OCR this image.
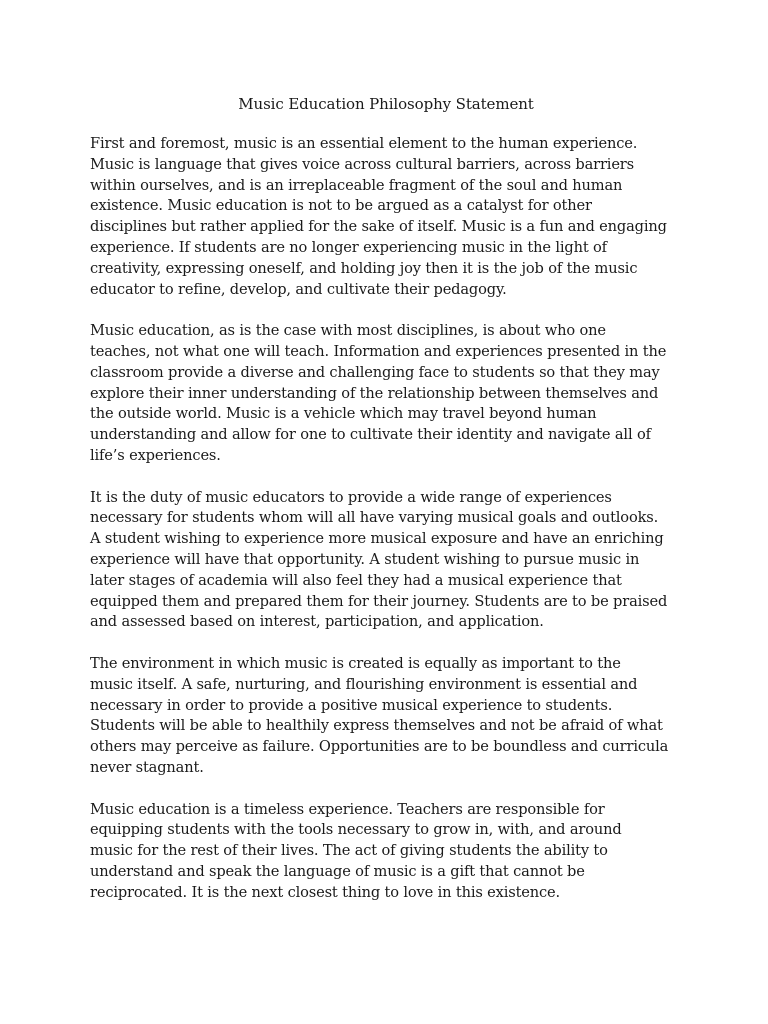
Music Education Philosophy Statement
First and foremost, music is an essential element to the human experience.
Music is language that gives voice across cultural barriers, across barriers
within ourselves, and is an irreplaceable fragment of the soul and human
existence. Music education is not to be argued as a catalyst for other
disciplines but rather applied for the sake of itself. Music is a fun and engaging
experience. If students are no longer experiencing music in the light of
creativity, expressing oneself, and holding joy then it is the job of the music
educator to refine, develop, and cultivate their pedagogy.
Music education, as is the case with most disciplines, is about who one
teaches, not what one will teach. Information and experiences presented in the
classroom provide a diverse and challenging face to students so that they may
explore their inner understanding of the relationship between themselves and
the outside world. Music is a vehicle which may travel beyond human
understanding and allow for one to cultivate their identity and navigate all of
life’s experiences.
It is the duty of music educators to provide a wide range of experiences
necessary for students whom will all have varying musical goals and outlooks.
A student wishing to experience more musical exposure and have an enriching
experience will have that opportunity. A student wishing to pursue music in
later stages of academia will also feel they had a musical experience that
equipped them and prepared them for their journey. Students are to be praised
and assessed based on interest, participation, and application.
The environment in which music is created is equally as important to the
music itself. A safe, nurturing, and flourishing environment is essential and
necessary in order to provide a positive musical experience to students.
Students will be able to healthily express themselves and not be afraid of what
others may perceive as failure. Opportunities are to be boundless and curricula
never stagnant.
Music education is a timeless experience. Teachers are responsible for
equipping students with the tools necessary to grow in, with, and around
music for the rest of their lives. The act of giving students the ability to
understand and speak the language of music is a gift that cannot be
reciprocated. It is the next closest thing to love in this existence.
